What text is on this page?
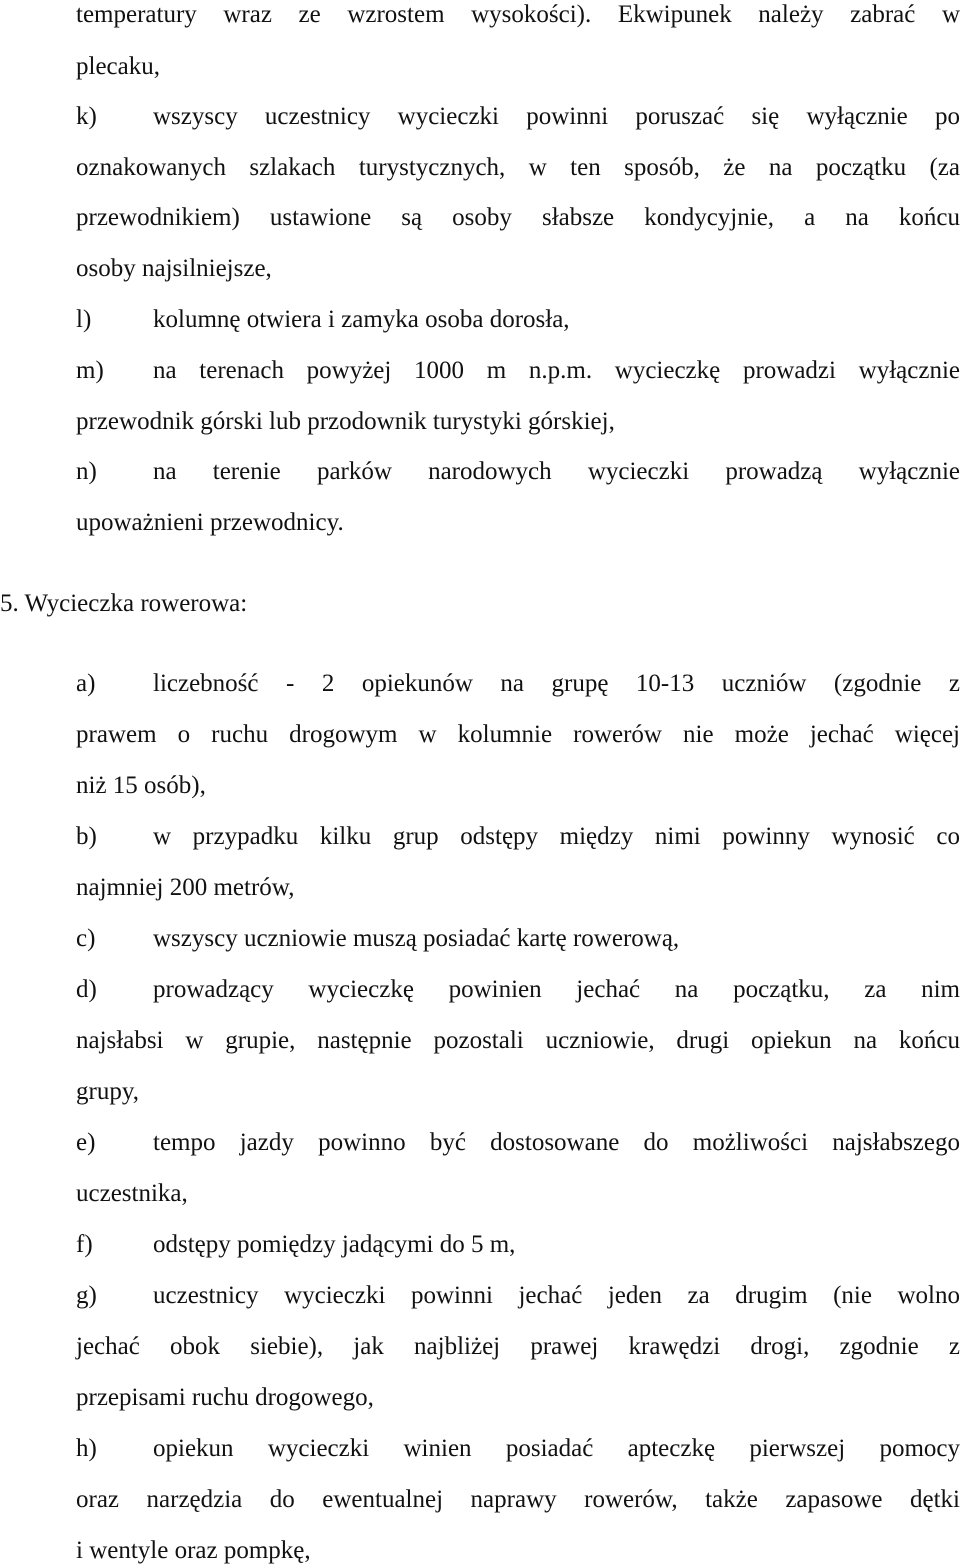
temperatury wraz ze wzrostem wysokości). Ekwipunek należy zabrać w
plecaku,
k) wszyscy uczestnicy wycieczki powinni poruszać się wyłącznie po
oznakowanych szlakach turystycznych, w ten sposób, że na początku (za
przewodnikiem) ustawione są osoby słabsze kondycyjnie, a na końcu
osoby najsilniejsze,
l) kolumnę otwiera i zamyka osoba dorosła,
m) na terenach powyżej 1000 m n.p.m. wycieczkę prowadzi wyłącznie
przewodnik górski lub przodownik turystyki górskiej,
n) na terenie parków narodowych wycieczki prowadzą wyłącznie
upoważnieni przewodnicy.
5. Wycieczka rowerowa:
a) liczebność - 2 opiekunów na grupę 10-13 uczniów (zgodnie z
prawem o ruchu drogowym w kolumnie rowerów nie może jechać więcej
niż 15 osób),
b) w przypadku kilku grup odstępy między nimi powinny wynosić co
najmniej 200 metrów,
c) wszyscy uczniowie muszą posiadać kartę rowerową,
d) prowadzący wycieczkę powinien jechać na początku, za nim
najsłabsi w grupie, następnie pozostali uczniowie, drugi opiekun na końcu
grupy,
e) tempo jazdy powinno być dostosowane do możliwości najsłabszego
uczestnika,
f) odstępy pomiędzy jadącymi do 5 m,
g) uczestnicy wycieczki powinni jechać jeden za drugim (nie wolno
jechać obok siebie), jak najbliżej prawej krawędzi drogi, zgodnie z
przepisami ruchu drogowego,
h) opiekun wycieczki winien posiadać apteczkę pierwszej pomocy
oraz narzędzia do ewentualnej naprawy rowerów, także zapasowe dętki
i wentyle oraz pompkę,
